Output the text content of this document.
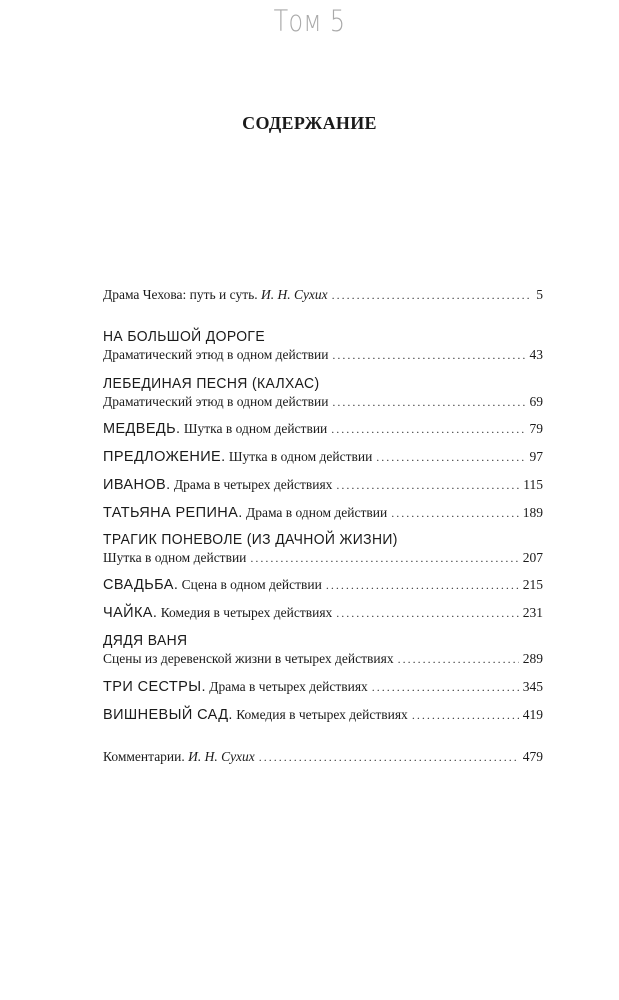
Том 5
СОДЕРЖАНИЕ
Драма Чехова: путь и суть. И. Н. Сухих . . .	5
НА БОЛЬШОЙ ДОРОГЕ
Драматический этюд в одном действии . . .	43
ЛЕБЕДИНАЯ ПЕСНЯ (КАЛХАС)
Драматический этюд в одном действии . . .	69
МЕДВЕДЬ. Шутка в одном действии . . .	79
ПРЕДЛОЖЕНИЕ. Шутка в одном действии . . .	97
ИВАНОВ. Драма в четырех действиях . . .	115
ТАТЬЯНА РЕПИНА. Драма в одном действии . . .	189
ТРАГИК ПОНЕВОЛЕ (ИЗ ДАЧНОЙ ЖИЗНИ)
Шутка в одном действии . . .	207
СВАДЬБА. Сцена в одном действии . . .	215
ЧАЙКА. Комедия в четырех действиях . . .	231
ДЯДЯ ВАНЯ
Сцены из деревенской жизни в четырех действиях . . .	289
ТРИ СЕСТРЫ. Драма в четырех действиях . . .	345
ВИШНЕВЫЙ САД. Комедия в четырех действиях . . .	419
Комментарии. И. Н. Сухих . . .	479
